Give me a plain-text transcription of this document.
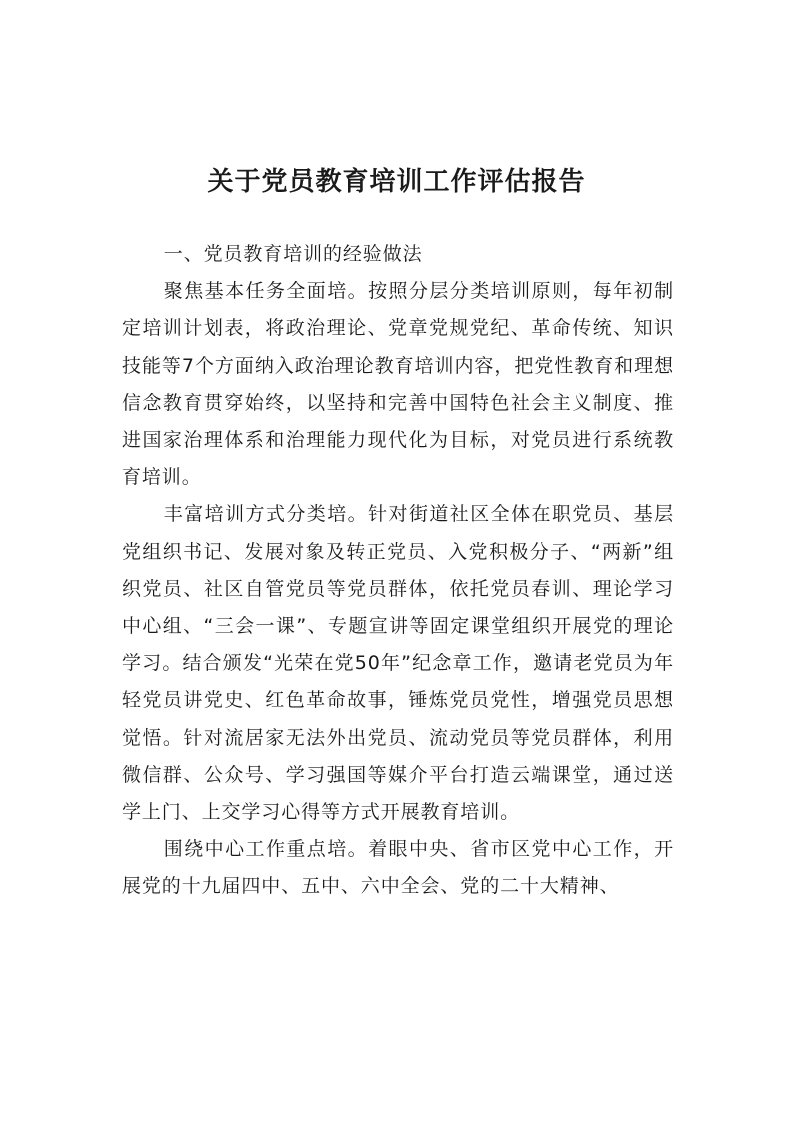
关于党员教育培训工作评估报告

一、党员教育培训的经验做法

聚焦基本任务全面培。按照分层分类培训原则，每年初制定培训计划表，将政治理论、党章党规党纪、革命传统、知识技能等7个方面纳入政治理论教育培训内容，把党性教育和理想信念教育贯穿始终，以坚持和完善中国特色社会主义制度、推进国家治理体系和治理能力现代化为目标，对党员进行系统教育培训。

丰富培训方式分类培。针对街道社区全体在职党员、基层党组织书记、发展对象及转正党员、入党积极分子、“两新”组织党员、社区自管党员等党员群体，依托党员春训、理论学习中心组、“三会一课”、专题宣讲等固定课堂组织开展党的理论学习。结合颁发“光荣在党50年”纪念章工作，邀请老党员为年轻党员讲党史、红色革命故事，锤炼党员党性，增强党员思想觉悟。针对流居家无法外出党员、流动党员等党员群体，利用微信群、公众号、学习强国等媒介平台打造云端课堂，通过送学上门、上交学习心得等方式开展教育培训。

围绕中心工作重点培。着眼中央、省市区党中心工作，开展党的十九届四中、五中、六中全会、党的二十大精神、
